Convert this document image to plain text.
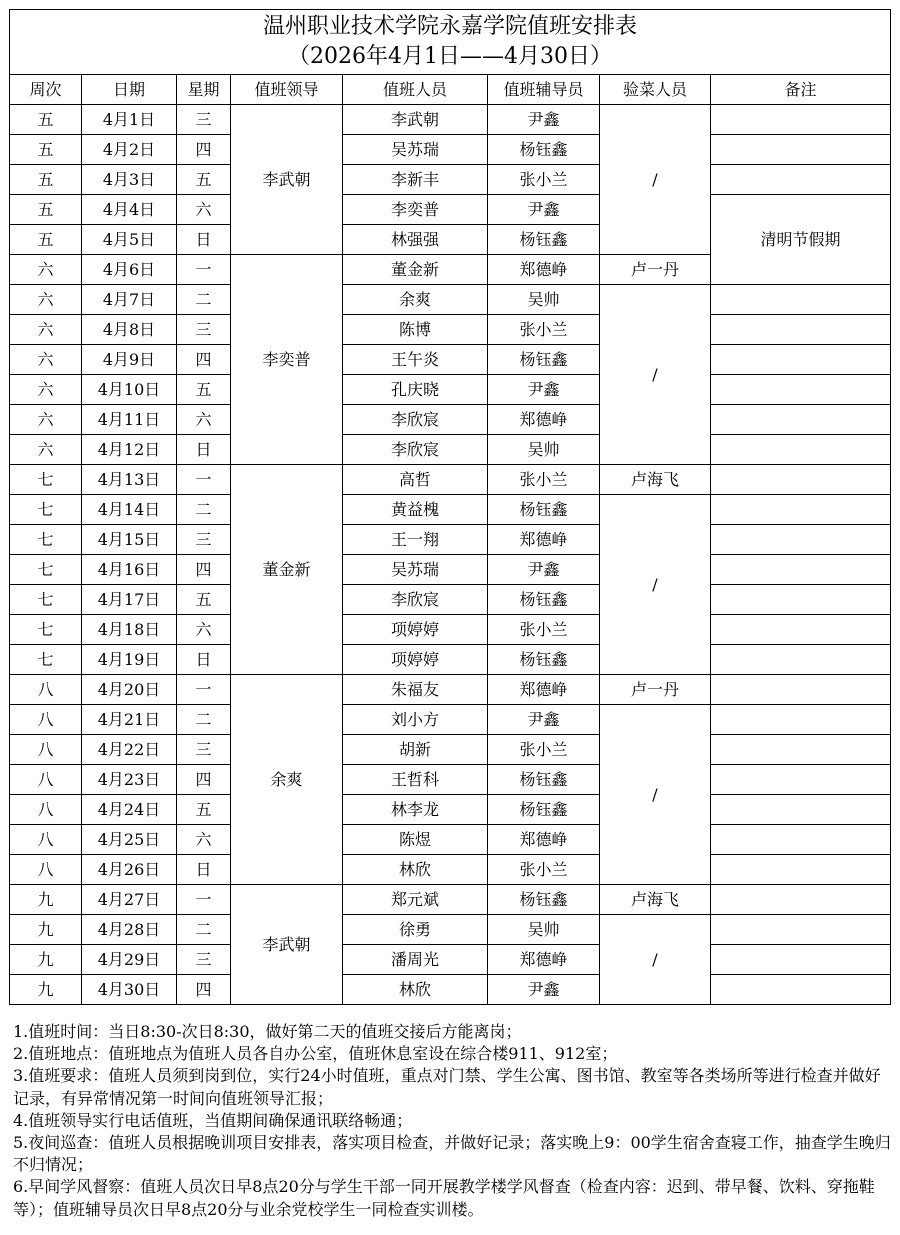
温州职业技术学院永嘉学院值班安排表
（2026年4月1日——4月30日）							

周次	日期	星期	值班领导	值班人员	值班辅导员	验菜人员	备注
五	4月1日	三	李武朝	李武朝	尹鑫	/	
五	4月2日	四		吴苏瑞	杨钰鑫		
五	4月3日	五		李新丰	张小兰		
五	4月4日	六		李奕普	尹鑫		清明节假期
五	4月5日	日		林强强	杨钰鑫		
六	4月6日	一	李奕普	董金新	郑德峥	卢一丹	
六	4月7日	二		余爽	吴帅	/	
六	4月8日	三		陈博	张小兰		
六	4月9日	四		王午炎	杨钰鑫		
六	4月10日	五		孔庆晓	尹鑫		
六	4月11日	六		李欣宸	郑德峥		
六	4月12日	日		李欣宸	吴帅		
七	4月13日	一	董金新	高哲	张小兰	卢海飞	
七	4月14日	二		黄益槐	杨钰鑫	/	
七	4月15日	三		王一翔	郑德峥		
七	4月16日	四		吴苏瑞	尹鑫		
七	4月17日	五		李欣宸	杨钰鑫		
七	4月18日	六		项婷婷	张小兰		
七	4月19日	日		项婷婷	杨钰鑫		
八	4月20日	一	余爽	朱福友	郑德峥	卢一丹	
八	4月21日	二		刘小方	尹鑫	/	
八	4月22日	三		胡新	张小兰		
八	4月23日	四		王哲科	杨钰鑫		
八	4月24日	五		林李龙	杨钰鑫		
八	4月25日	六		陈煜	郑德峥		
八	4月26日	日		林欣	张小兰		
九	4月27日	一	李武朝	郑元斌	杨钰鑫	卢海飞	
九	4月28日	二		徐勇	吴帅	/	
九	4月29日	三		潘周光	郑德峥		
九	4月30日	四		林欣	尹鑫		

1.值班时间：当日8:30-次日8:30，做好第二天的值班交接后方能离岗；

2.值班地点：值班地点为值班人员各自办公室，值班休息室设在综合楼911、912室；

3.值班要求：值班人员须到岗到位，实行24小时值班，重点对门禁、学生公寓、图书馆、教室等各类场所等进行检查并做好记录，有异常情况第一时间向值班领导汇报；

4.值班领导实行电话值班，当值期间确保通讯联络畅通；

5.夜间巡查：值班人员根据晚训项目安排表，落实项目检查，并做好记录；落实晚上9：00学生宿舍查寝工作，抽查学生晚归不归情况；

6.早间学风督察：值班人员次日早8点20分与学生干部一同开展教学楼学风督查（检查内容：迟到、带早餐、饮料、穿拖鞋等）；值班辅导员次日早8点20分与业余党校学生一同检查实训楼。
